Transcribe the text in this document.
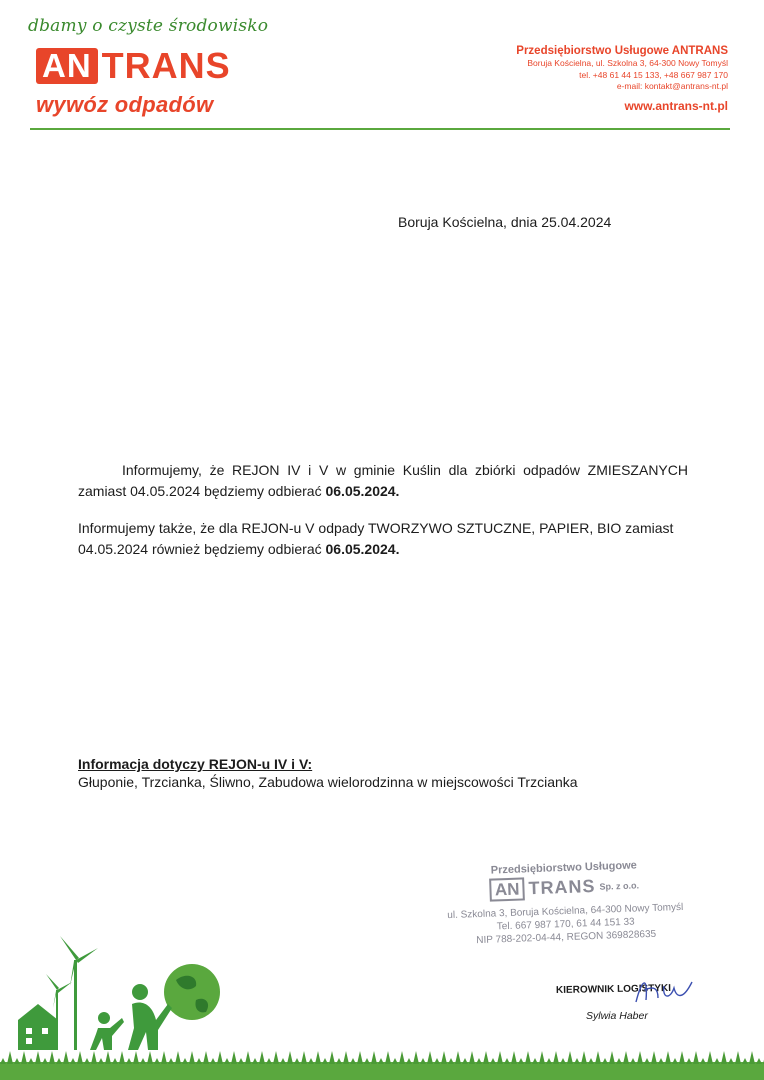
dbamy o czyste środowisko
AN TRANS
wywóz odpadów
Przedsiębiorstwo Usługowe ANTRANS
Boruja Kościelna, ul. Szkolna 3, 64-300 Nowy Tomyśl
tel. +48 61 44 15 133, +48 667 987 170
e-mail: kontakt@antrans-nt.pl
www.antrans-nt.pl
Boruja Kościelna, dnia 25.04.2024
Informujemy, że REJON IV i V w gminie Kuślin dla zbiórki odpadów ZMIESZANYCH zamiast 04.05.2024 będziemy odbierać 06.05.2024.
Informujemy także, że dla REJON-u V odpady TWORZYWO SZTUCZNE, PAPIER, BIO zamiast 04.05.2024 również będziemy odbierać 06.05.2024.
Informacja dotyczy REJON-u IV i V:
Głuponie, Trzcianka, Śliwno, Zabudowa wielorodzinna w miejscowości Trzcianka
Przedsiębiorstwo Usługowe
AN TRANS Sp. z o.o.
ul. Szkolna 3, Boruja Kościelna, 64-300 Nowy Tomyśl
Tel. 667 987 170, 61 44 151 33
NIP 788-202-04-44, REGON 369828635
KIEROWNIK LOGISTYKI
Sylwia Haber
